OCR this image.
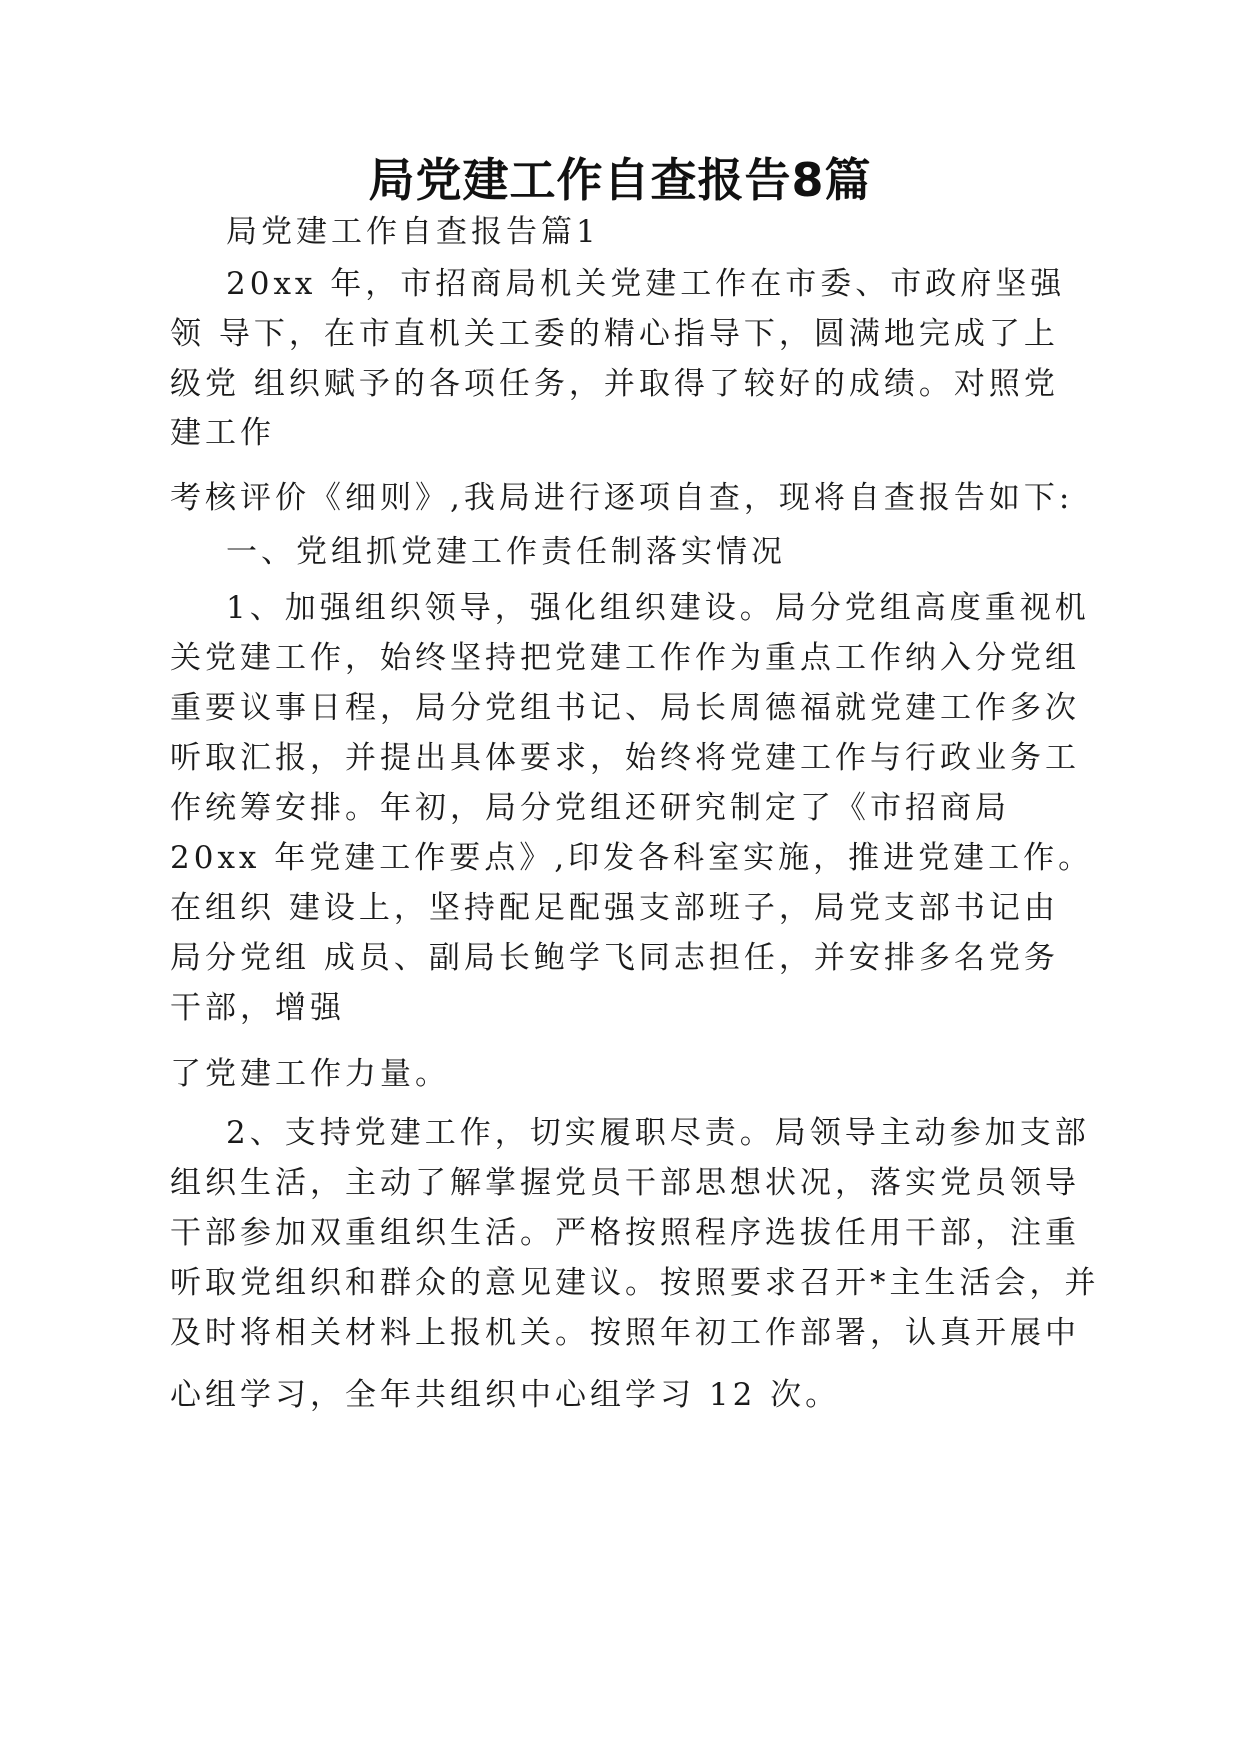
局党建工作自查报告8篇

局党建工作自查报告篇1

20xx 年，市招商局机关党建工作在市委、市政府坚强

领 导下，在市直机关工委的精心指导下，圆满地完成了上

级党 组织赋予的各项任务，并取得了较好的成绩。对照党

建工作

考核评价《细则》,我局进行逐项自查，现将自查报告如下:

一、党组抓党建工作责任制落实情况

1、加强组织领导，强化组织建设。局分党组高度重视机

关党建工作，始终坚持把党建工作作为重点工作纳入分党组

重要议事日程，局分党组书记、局长周德福就党建工作多次

听取汇报，并提出具体要求，始终将党建工作与行政业务工

作统筹安排。年初，局分党组还研究制定了《市招商局

20xx 年党建工作要点》,印发各科室实施，推进党建工作。

在组织 建设上，坚持配足配强支部班子，局党支部书记由

局分党组 成员、副局长鲍学飞同志担任，并安排多名党务

干部，增强

了党建工作力量。

2、支持党建工作，切实履职尽责。局领导主动参加支部

组织生活，主动了解掌握党员干部思想状况，落实党员领导

干部参加双重组织生活。严格按照程序选拔任用干部，注重

听取党组织和群众的意见建议。按照要求召开*主生活会，并

及时将相关材料上报机关。按照年初工作部署，认真开展中

心组学习，全年共组织中心组学习 12 次。
